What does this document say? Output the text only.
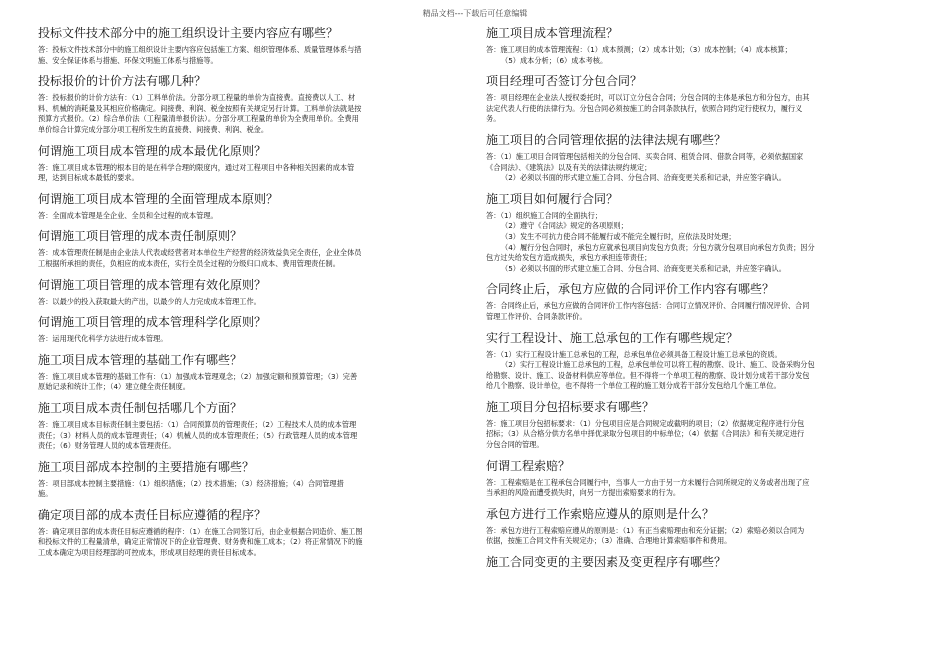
精品文档---下载后可任意编辑
投标文件技术部分中的施工组织设计主要内容应有哪些？
答：投标文件技术部分中的施工组织设计主要内容应包括施工方案、组织管理体系、质量管理体系与措
施、安全保证体系与措施、环保文明施工体系与措施等。
投标报价的计价方法有哪几种？
答：投标报价的计价方法有：（1）工料单价法。分部分项工程量的单价为直接费。直接费以人工、材
料、机械的消耗量及其相应价格确定。间接费、利润、税金按照有关规定另行计算。工料单价法就是按
预算方式报价。（2）综合单价法（工程量清单报价法）。分部分项工程量的单价为全费用单价。全费用
单价综合计算完成分部分项工程所发生的直接费、间接费、利润、税金。
何谓施工项目成本管理的成本最优化原则？
答：施工项目成本管理的根本目的是在科学合理的限度内，通过对工程项目中各种相关因素的成本管
理，达到目标成本最低的要求。
何谓施工项目成本管理的全面管理成本原则？
答：全面成本管理是全企业、全员和全过程的成本管理。
何谓施工项目管理的成本责任制原则？
答：成本管理责任制是由企业法人代表或经营者对本单位生产经营的经济效益负完全责任，企业全体员
工根据所承担的责任，负相应的成本责任，实行全员全过程的分级归口成本、费用管理责任制。
何谓施工项目管理的成本管理有效化原则？
答：以最少的投入获取最大的产出，以最少的人力完成成本管理工作。
何谓施工项目管理的成本管理科学化原则？
答：运用现代化科学方法进行成本管理。
施工项目成本管理的基础工作有哪些？
答：施工项目成本管理的基础工作有：（1）加强成本管理观念；（2）加强定额和预算管理；（3）完善
原始记录和统计工作；（4）建立健全责任制度。
施工项目成本责任制包括哪几个方面？
答：施工项目成本目标责任制主要包括：（1）合同预算员的管理责任；（2）工程技术人员的成本管理
责任；（3）材料人员的成本管理责任；（4）机械人员的成本管理责任；（5）行政管理人员的成本管理
责任；（6）财务管理人员的成本管理责任。
施工项目部成本控制的主要措施有哪些？
答：项目部成本控制主要措施：（1）组织措施；（2）技术措施；（3）经济措施；（4）合同管理措
施。
确定项目部的成本责任目标应遵循的程序？
答：确定项目部的成本责任目标应遵循的程序：（1）在施工合同签订后，由企业根据合同造价、施工图
和投标文件的工程量清单，确定正常情况下的企业管理费、财务费和施工成本；（2）将正常情况下的施
工成本确定为项目经理部的可控成本，形成项目经理的责任目标成本。
施工项目成本管理流程？
答：施工项目的成本管理流程：（1）成本预测；（2）成本计划；（3）成本控制；（4）成本核算；
（5）成本分析；（6）成本考核。
项目经理可否签订分包合同？
答：项目经理在企业法人授权委托时，可以订立分包合合同；分包合同的主体是承包方和分包方，由其
法定代表人行使的法律行为。分包合同必须按施工的合同条款执行，依照合同约定行使权力，履行义
务。
施工项目的合同管理依据的法律法规有哪些？
答：（1）施工项目合同管理包括相关的分包合同、买卖合同、租赁合同、借款合同等，必须依据国家
《合同法》、《建筑法》以及有关的法律法规约规定；
（2）必须以书面的形式建立施工合同、分包合同、洽商变更关系和记录，并应签字确认。
施工项目如何履行合同？
答：（1）组织施工合同的全面执行；
（2）遵守《合同法》规定的各项原则；
（3）发生不可抗力使合同不能履行或不能完全履行时，应依法及时处理；
（4）履行分包合同时，承包方应就承包项目向发包方负责；分包方就分包项目向承包方负责；因分
包方过失给发包方造成损失，承包方承担连带责任；
（5）必须以书面的形式建立施工合同、分包合同、洽商变更关系和记录，并应签字确认。
合同终止后，承包方应做的合同评价工作内容有哪些？
答：合同终止后，承包方应做的合同评价工作内容包括：合同订立情况评价、合同履行情况评价、合同
管理工作评价、合同条款评价。
实行工程设计、施工总承包的工作有哪些规定？
答：（1）实行工程设计施工总承包的工程，总承包单位必须具备工程设计施工总承包的资质。
（2）实行工程设计施工总承包的工程，总承包单位可以将工程的勘察、设计、施工、设备采购分包
给勘察、设计、施工、设备材料供应等单位。但不得将一个单项工程的勘察、设计划分成若干部分发包
给几个勘察、设计单位，也不得将一个单位工程的施工划分成若干部分发包给几个施工单位。
施工项目分包招标要求有哪些？
答：施工项目分包招标要求：（1）分包项目应是合同规定或截明的项目；（2）依据规定程序进行分包
招标；（3）从合格分供方名单中择优录取分包项目的中标单位；（4）依据《合同法》和有关规定进行
分包合同的管理。
何谓工程索赔？
答：工程索赔是在工程承包合同履行中，当事人一方由于另一方未履行合同所规定的义务或者出现了应
当承担的风险而遭受损失时，向另一方提出索赔要求的行为。
承包方进行工作索赔应遵从的原则是什么？
答：承包方进行工程索赔应遵从的原则是：（1）有正当索赔理由和充分证据；（2）索赔必须以合同为
依据，按施工合同文件有关规定办；（3）准确、合理地计算索赔事件和费用。
施工合同变更的主要因素及变更程序有哪些？
